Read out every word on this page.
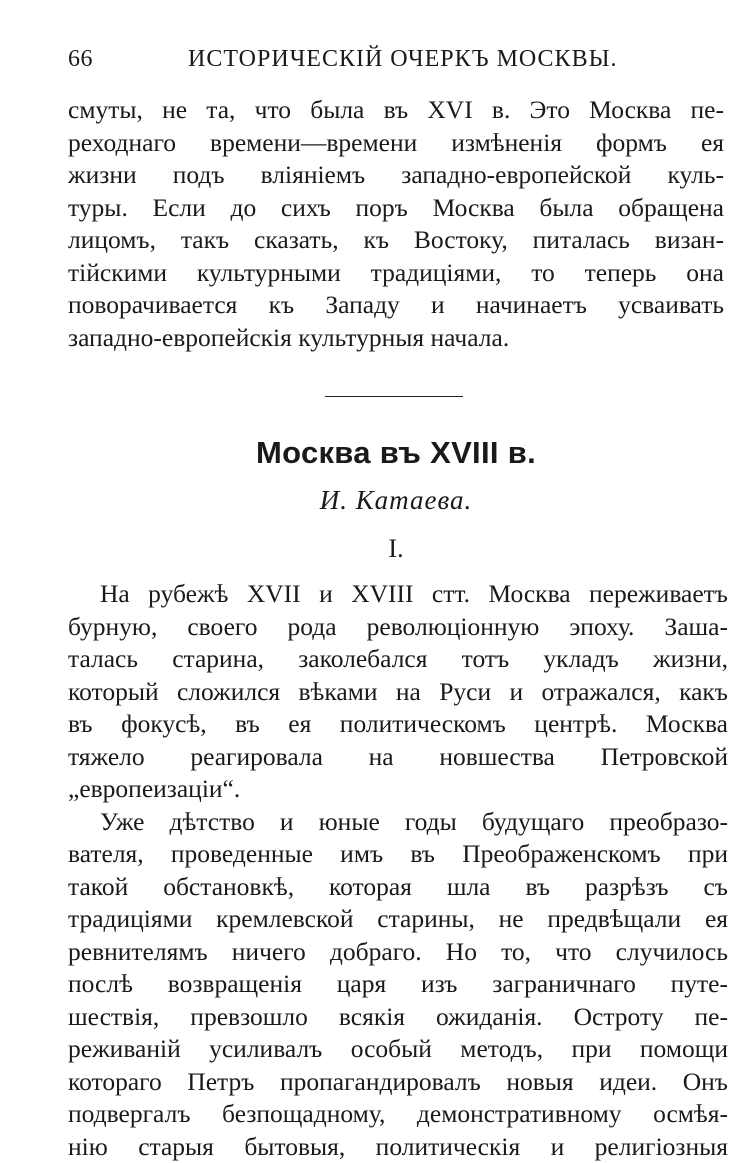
66	ИСТОРИЧЕСКІЙ ОЧЕРКЪ МОСКВЫ.
смуты, не та, что была въ XVI в. Это Москва пе-
реходнаго времени—времени измѣненія формъ ея
жизни подъ вліяніемъ западно-европейской куль-
туры. Если до сихъ поръ Москва была обращена
лицомъ, такъ сказать, къ Востоку, питалась визан-
тійскими культурными традиціями, то теперь она
поворачивается къ Западу и начинаетъ усваивать
западно-европейскія культурныя начала.
Москва въ XVIII в.
И. Катаева.
I.
На рубежѣ XVII и XVIII стт. Москва переживаетъ
бурную, своего рода революціонную эпоху. Заша-
талась старина, заколебался тотъ укладъ жизни,
который сложился вѣками на Руси и отражался, какъ
въ фокусѣ, въ ея политическомъ центрѣ. Москва
тяжело реагировала на новшества Петровской
„европеизаціи“.
Уже дѣтство и юные годы будущаго преобразо-
вателя, проведенные имъ въ Преображенскомъ при
такой обстановкѣ, которая шла въ разрѣзъ съ
традиціями кремлевской старины, не предвѣщали ея
ревнителямъ ничего добраго. Но то, что случилось
послѣ возвращенія царя изъ заграничнаго путе-
шествія, превзошло всякія ожиданія. Остроту пе-
реживаній усиливалъ особый методъ, при помощи
котораго Петръ пропагандировалъ новыя идеи. Онъ
подвергалъ безпощадному, демонстративному осмѣя-
нію старыя бытовыя, политическія и религіозныя
